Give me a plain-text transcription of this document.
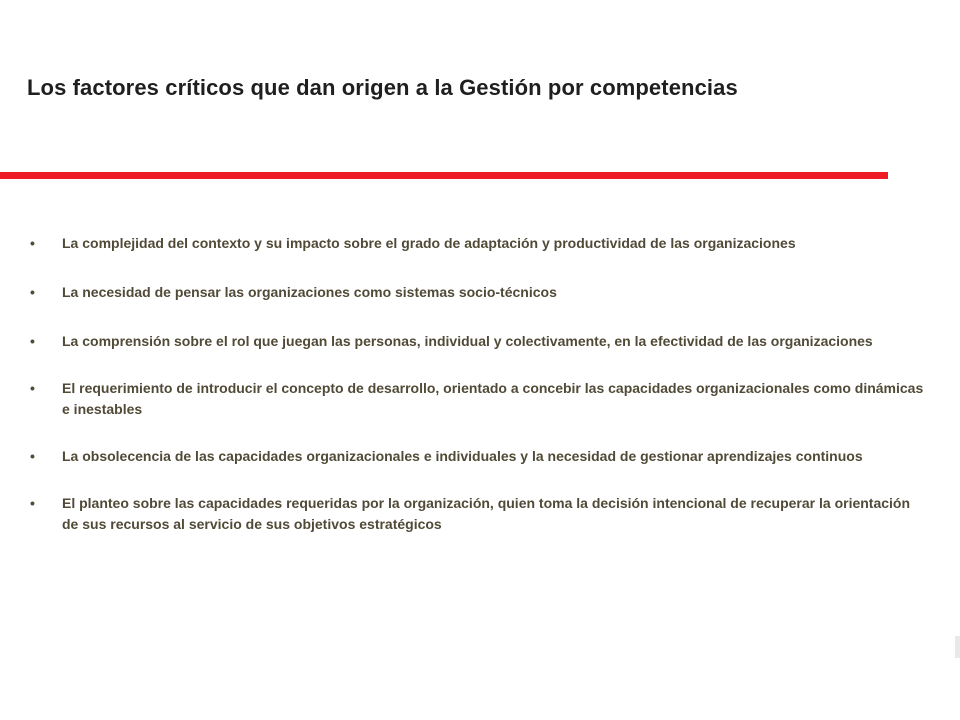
Los factores críticos que dan origen a la Gestión por competencias
•	La complejidad del contexto y su impacto sobre el grado de adaptación y productividad de las organizaciones
•	La necesidad de pensar las organizaciones como sistemas socio-técnicos
•	La comprensión sobre el rol que juegan las personas, individual y colectivamente, en la efectividad de las organizaciones
•	El requerimiento de introducir el concepto de desarrollo, orientado a concebir las capacidades organizacionales como dinámicas e inestables
•	La obsolecencia de las capacidades organizacionales e individuales y la necesidad de gestionar aprendizajes continuos
•	El planteo sobre las capacidades requeridas por la organización, quien toma la decisión intencional de recuperar la orientación de sus recursos al servicio de sus objetivos estratégicos
